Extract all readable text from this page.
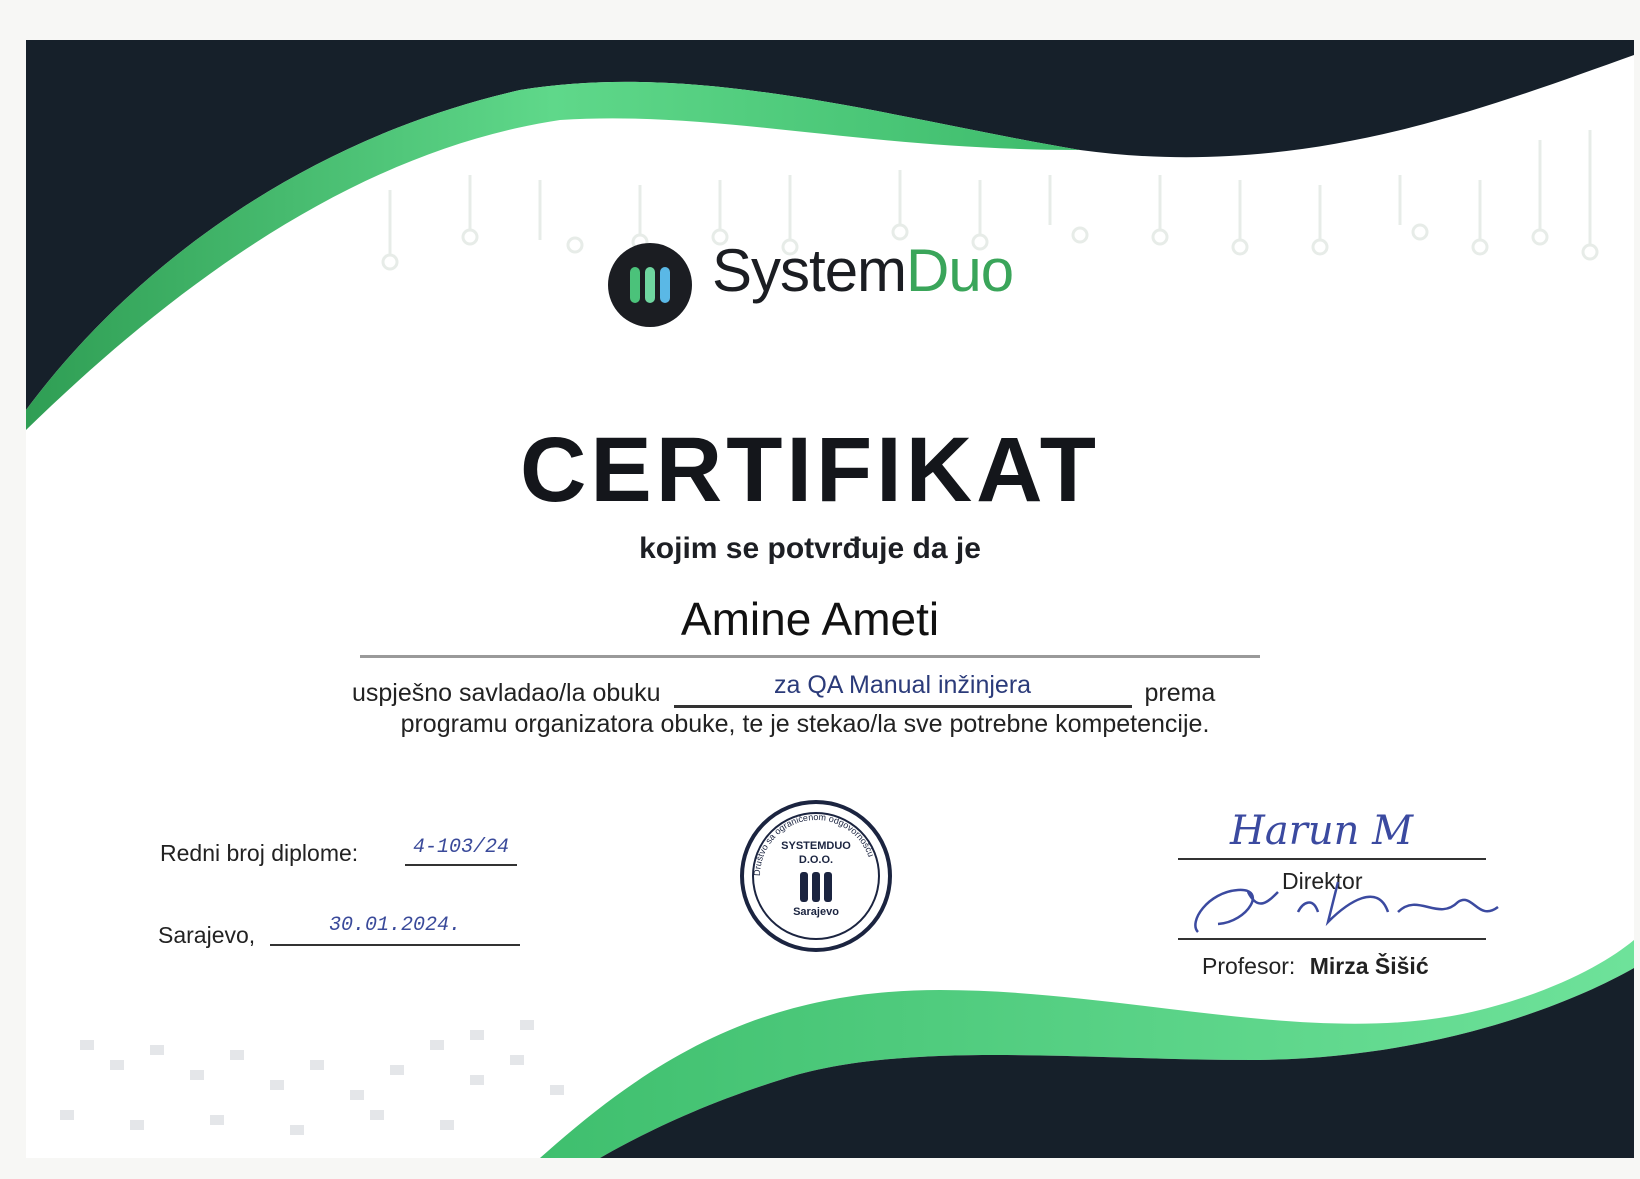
SystemDuo
CERTIFIKAT
kojim se potvrđuje da je
Amine Ameti
uspješno savladao/la obuku	za QA Manual inžinjera	prema
programu organizatora obuke, te je stekao/la sve potrebne kompetencije.
Redni broj diplome:	4-103/24
Sarajevo,	30.01.2024.
Društvo sa ograničenom odgovornošću
SYSTEMDUO
D.O.O.
Sarajevo
Harun M
Direktor
Profesor: Mirza Šišić
